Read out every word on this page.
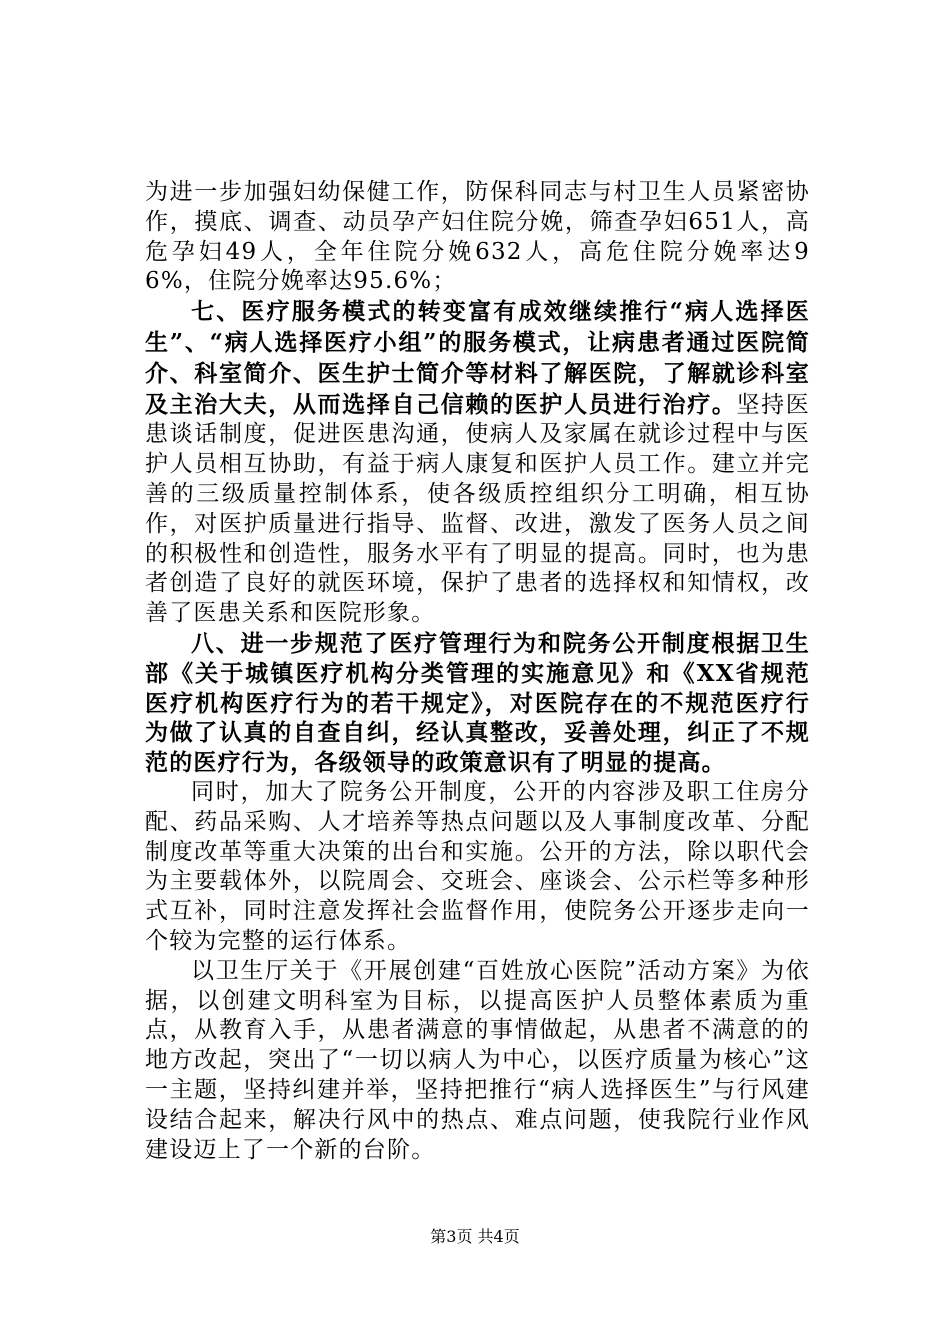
为进一步加强妇幼保健工作，防保科同志与村卫生人员紧密协作，摸底、调查、动员孕产妇住院分娩，筛查孕妇651人，高危孕妇49人，全年住院分娩632人，高危住院分娩率达96%，住院分娩率达95.6%；

七、医疗服务模式的转变富有成效继续推行“病人选择医生”、“病人选择医疗小组”的服务模式，让病患者通过医院简介、科室简介、医生护士简介等材料了解医院，了解就诊科室及主治大夫，从而选择自己信赖的医护人员进行治疗。坚持医患谈话制度，促进医患沟通，使病人及家属在就诊过程中与医护人员相互协助，有益于病人康复和医护人员工作。建立并完善的三级质量控制体系，使各级质控组织分工明确，相互协作，对医护质量进行指导、监督、改进，激发了医务人员之间的积极性和创造性，服务水平有了明显的提高。同时，也为患者创造了良好的就医环境，保护了患者的选择权和知情权，改善了医患关系和医院形象。

八、进一步规范了医疗管理行为和院务公开制度根据卫生部《关于城镇医疗机构分类管理的实施意见》和《XX省规范医疗机构医疗行为的若干规定》，对医院存在的不规范医疗行为做了认真的自查自纠，经认真整改，妥善处理，纠正了不规范的医疗行为，各级领导的政策意识有了明显的提高。

同时，加大了院务公开制度，公开的内容涉及职工住房分配、药品采购、人才培养等热点问题以及人事制度改革、分配制度改革等重大决策的出台和实施。公开的方法，除以职代会为主要载体外，以院周会、交班会、座谈会、公示栏等多种形式互补，同时注意发挥社会监督作用，使院务公开逐步走向一个较为完整的运行体系。

以卫生厅关于《开展创建“百姓放心医院”活动方案》为依据，以创建文明科室为目标，以提高医护人员整体素质为重点，从教育入手，从患者满意的事情做起，从患者不满意的的地方改起，突出了“一切以病人为中心，以医疗质量为核心”这一主题，坚持纠建并举，坚持把推行“病人选择医生”与行风建设结合起来，解决行风中的热点、难点问题，使我院行业作风建设迈上了一个新的台阶。

第3页 共4页
